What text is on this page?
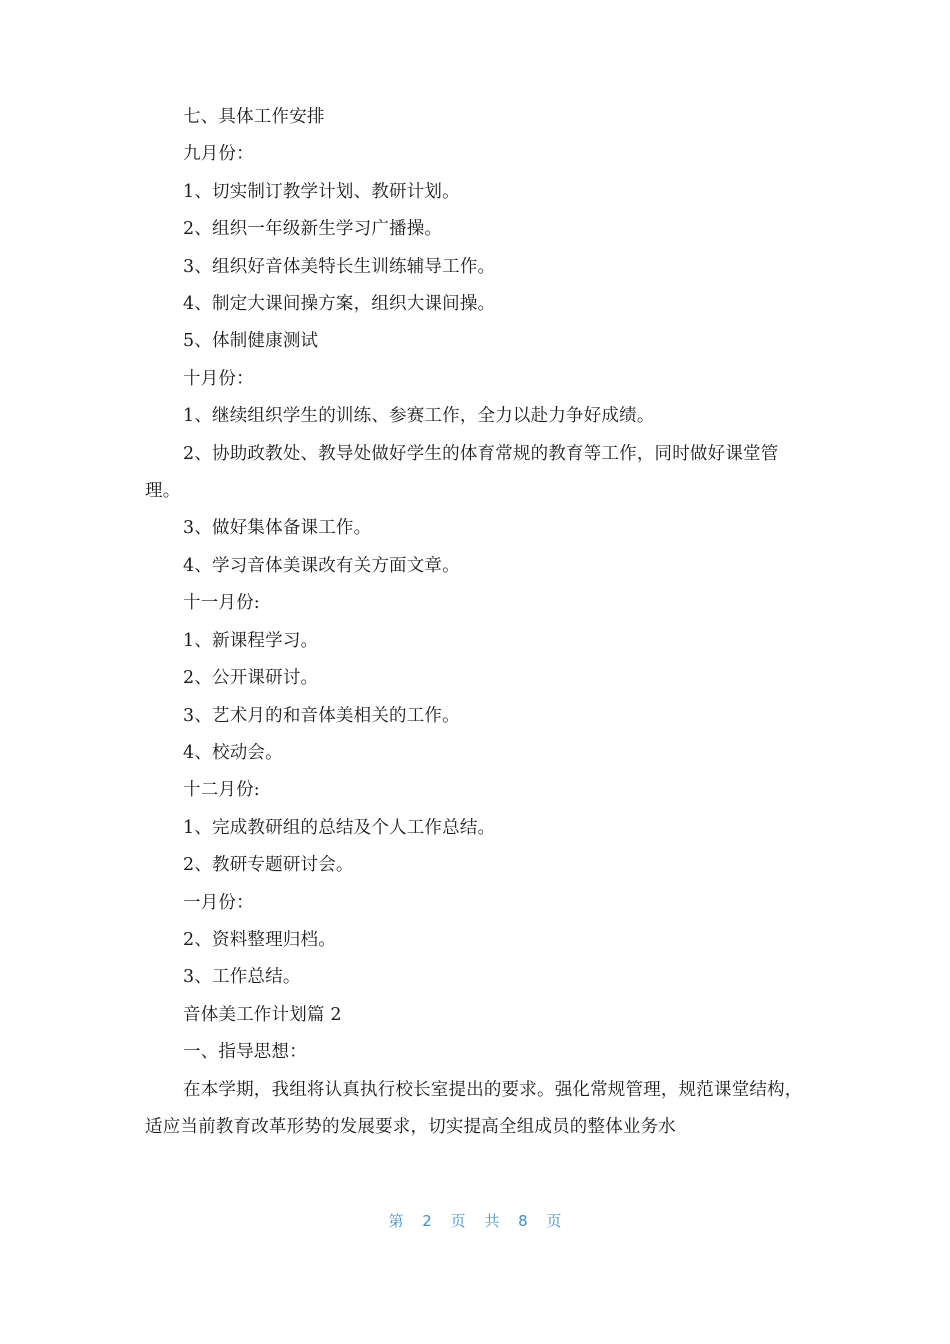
七、具体工作安排

九月份：

1、切实制订教学计划、教研计划。

2、组织一年级新生学习广播操。

3、组织好音体美特长生训练辅导工作。

4、制定大课间操方案，组织大课间操。

5、体制健康测试

十月份：

1、继续组织学生的训练、参赛工作，全力以赴力争好成绩。

2、协助政教处、教导处做好学生的体育常规的教育等工作，同时做好课堂管理。

3、做好集体备课工作。

4、学习音体美课改有关方面文章。

十一月份:

1、新课程学习。

2、公开课研讨。

3、艺术月的和音体美相关的工作。

4、校动会。

十二月份:

1、完成教研组的总结及个人工作总结。

2、教研专题研讨会。

一月份：

2、资料整理归档。

3、工作总结。

音体美工作计划篇 2

一、指导思想：

在本学期，我组将认真执行校长室提出的要求。强化常规管理，规范课堂结构，适应当前教育改革形势的发展要求，切实提高全组成员的整体业务水

第 2 页 共 8 页
